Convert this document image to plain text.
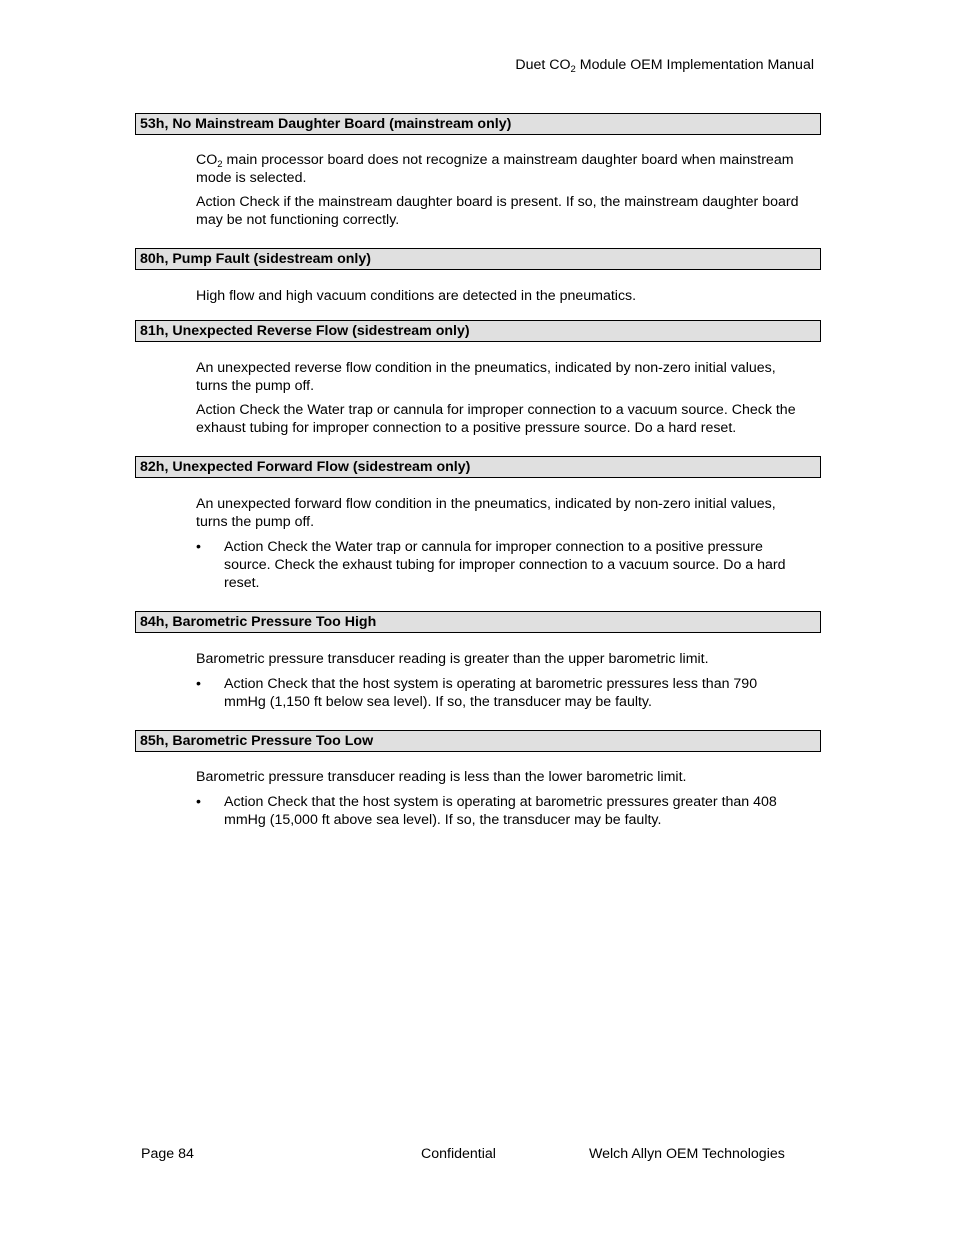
Duet $CO_2$ Module OEM Implementation Manual
53h, No Mainstream Daughter Board (mainstream only)
$CO_2$ main processor board does not recognize a mainstream daughter board when mainstream mode is selected.
Action Check if the mainstream daughter board is present. If so, the mainstream daughter board may be not functioning correctly.
80h, Pump Fault (sidestream only)
High flow and high vacuum conditions are detected in the pneumatics.
81h, Unexpected Reverse Flow (sidestream only)
An unexpected reverse flow condition in the pneumatics, indicated by non-zero initial values, turns the pump off.
Action Check the Water trap or cannula for improper connection to a vacuum source. Check the exhaust tubing for improper connection to a positive pressure source. Do a hard reset.
82h, Unexpected Forward Flow (sidestream only)
An unexpected forward flow condition in the pneumatics, indicated by non-zero initial values, turns the pump off.
• Action Check the Water trap or cannula for improper connection to a positive pressure source. Check the exhaust tubing for improper connection to a vacuum source. Do a hard reset.
84h, Barometric Pressure Too High
Barometric pressure transducer reading is greater than the upper barometric limit.
• Action Check that the host system is operating at barometric pressures less than 790 mmHg (1,150 ft below sea level). If so, the transducer may be faulty.
85h, Barometric Pressure Too Low
Barometric pressure transducer reading is less than the lower barometric limit.
• Action Check that the host system is operating at barometric pressures greater than 408 mmHg (15,000 ft above sea level). If so, the transducer may be faulty.
Page 84	Confidential	Welch Allyn OEM Technologies
